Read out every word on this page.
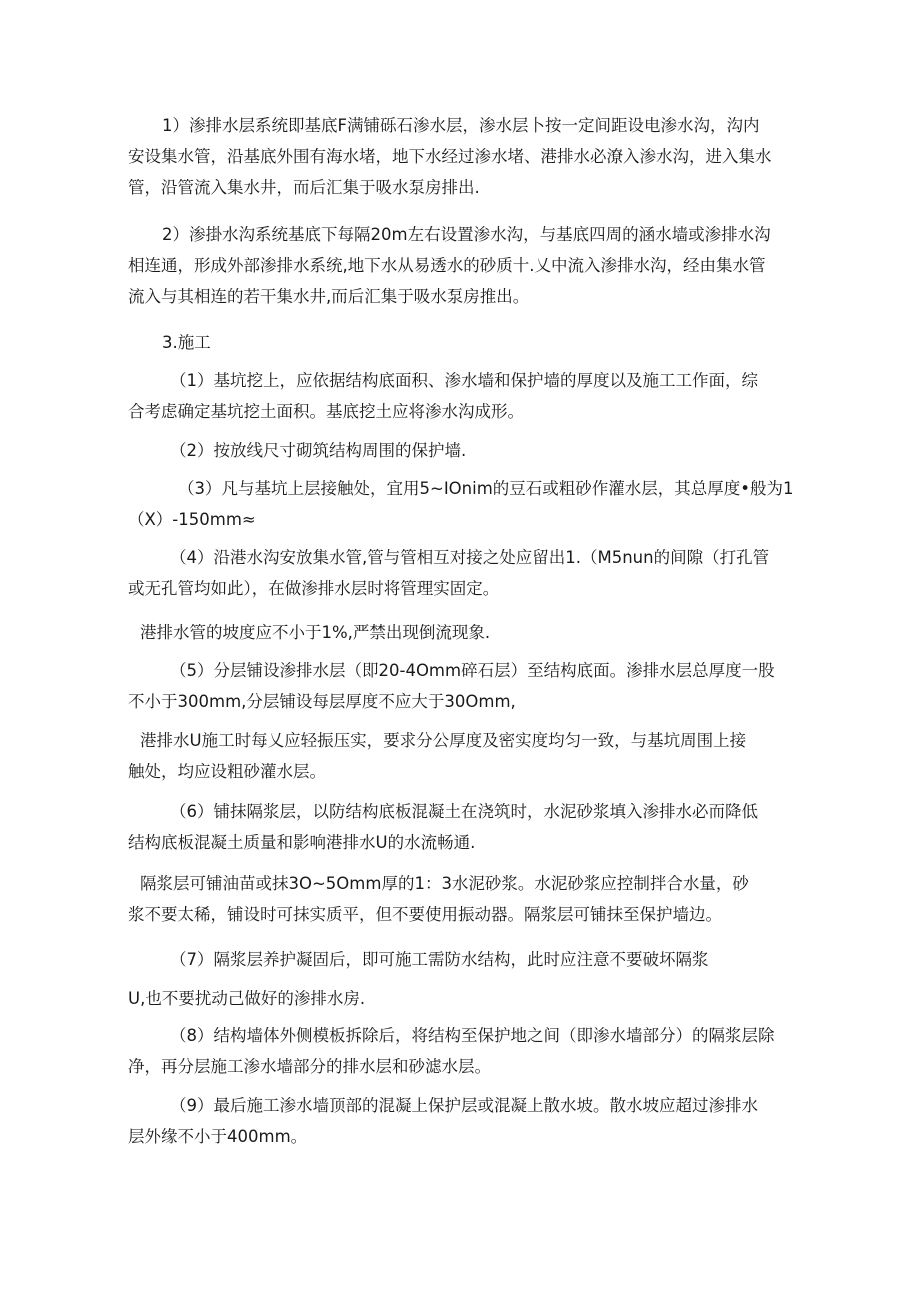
1）渗排水层系统即基底F满铺砾石渗水层，渗水层卜按一定间距设电渗水沟，沟内
安设集水管，沿基底外围有海水堵，地下水经过渗水堵、港排水必潦入渗水沟，进入集水
管，沿管流入集水井，而后汇集于吸水泵房排出.
2）渗掛水沟系统基底下每隔20m左右设置渗水沟，与基底四周的涵水墙或渗排水沟
相连通，形成外部渗排水系统,地下水从易透水的砂质十.乂中流入渗排水沟，经由集水管
流入与其相连的若干集水井,而后汇集于吸水泵房推出。
3.施工
（1）基坑挖上，应依据结构底面积、渗水墙和保护墙的厚度以及施工工作面，综
合考虑确定基坑挖土面积。基底挖土应将渗水沟成形。
（2）按放线尺寸砌筑结构周围的保护墙.
（3）凡与基坑上层接触处，宜用5~IOnim的豆石或粗砂作灌水层，其总厚度•般为1
（X）-150mm≈
（4）沿港水沟安放集水管,管与管相互对接之处应留出1.（M5nun的间隙（打孔管
或无孔管均如此），在做渗排水层时将管理实固定。
港排水管的坡度应不小于1%,严禁出现倒流现象.
（5）分层铺设渗排水层（即20-4Omm碎石层）至结构底面。渗排水层总厚度一股
不小于300mm,分层铺设每层厚度不应大于30Omm,
港排水U施工时每乂应轻振压实，要求分公厚度及密实度均匀一致，与基坑周围上接
触处，均应设粗砂灌水层。
（6）铺抹隔浆层，以防结构底板混凝土在浇筑时，水泥砂浆填入渗排水必而降低
结构底板混凝土质量和影响港排水U的水流畅通.
隔浆层可铺油苗或抹3O~5Omm厚的1：3水泥砂浆。水泥砂浆应控制拌合水量，砂
浆不要太稀，铺设时可抹实质平，但不要使用振动器。隔浆层可铺抹至保护墙边。
（7）隔浆层养护凝固后，即可施工需防水结构，此时应注意不要破坏隔浆
U,也不要扰动己做好的渗排水房.
（8）结构墙体外侧模板拆除后，将结构至保护地之间（即渗水墙部分）的隔浆层除
净，再分层施工渗水墙部分的排水层和砂滤水层。
（9）最后施工渗水墙顶部的混凝上保护层或混凝上散水坡。散水坡应超过渗排水
层外缘不小于400mm。
